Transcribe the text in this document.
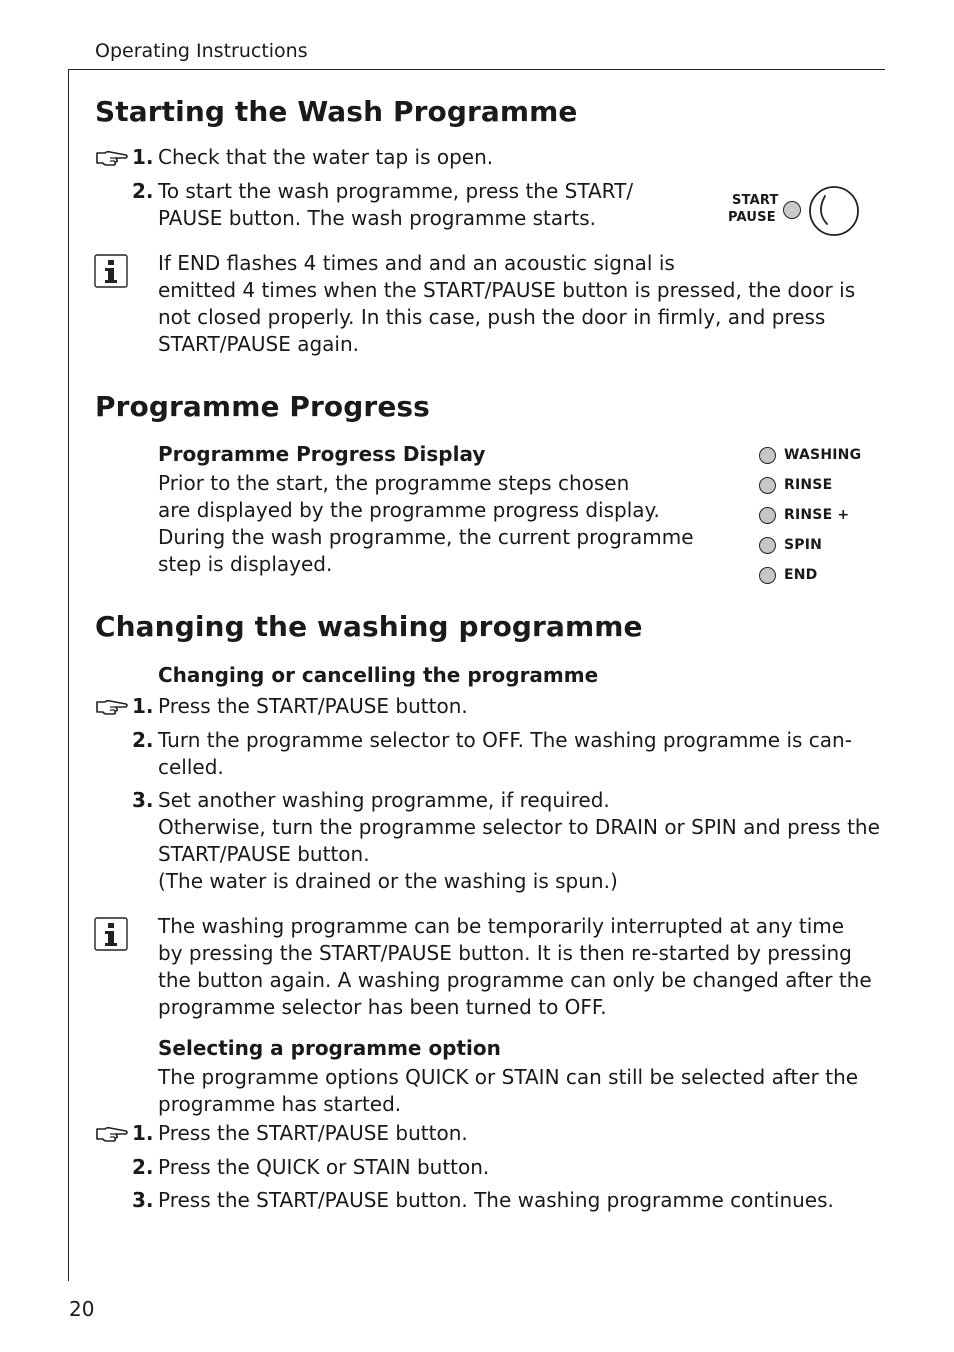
Operating Instructions
Starting the Wash Programme
1. Check that the water tap is open.
2. To start the wash programme, press the START/
PAUSE button. The wash programme starts.
START
PAUSE
If END flashes 4 times and and an acoustic signal is
emitted 4 times when the START/PAUSE button is pressed, the door is
not closed properly. In this case, push the door in firmly, and press
START/PAUSE again.
Programme Progress
Programme Progress Display
Prior to the start, the programme steps chosen
are displayed by the programme progress display.
During the wash programme, the current programme
step is displayed.
WASHING
RINSE
RINSE +
SPIN
END
Changing the washing programme
Changing or cancelling the programme
1. Press the START/PAUSE button.
2. Turn the programme selector to OFF. The washing programme is can-
celled.
3. Set another washing programme, if required.
Otherwise, turn the programme selector to DRAIN or SPIN and press the
START/PAUSE button.
(The water is drained or the washing is spun.)
The washing programme can be temporarily interrupted at any time
by pressing the START/PAUSE button. It is then re-started by pressing
the button again. A washing programme can only be changed after the
programme selector has been turned to OFF.
Selecting a programme option
The programme options QUICK or STAIN can still be selected after the
programme has started.
1. Press the START/PAUSE button.
2. Press the QUICK or STAIN button.
3. Press the START/PAUSE button. The washing programme continues.
20
